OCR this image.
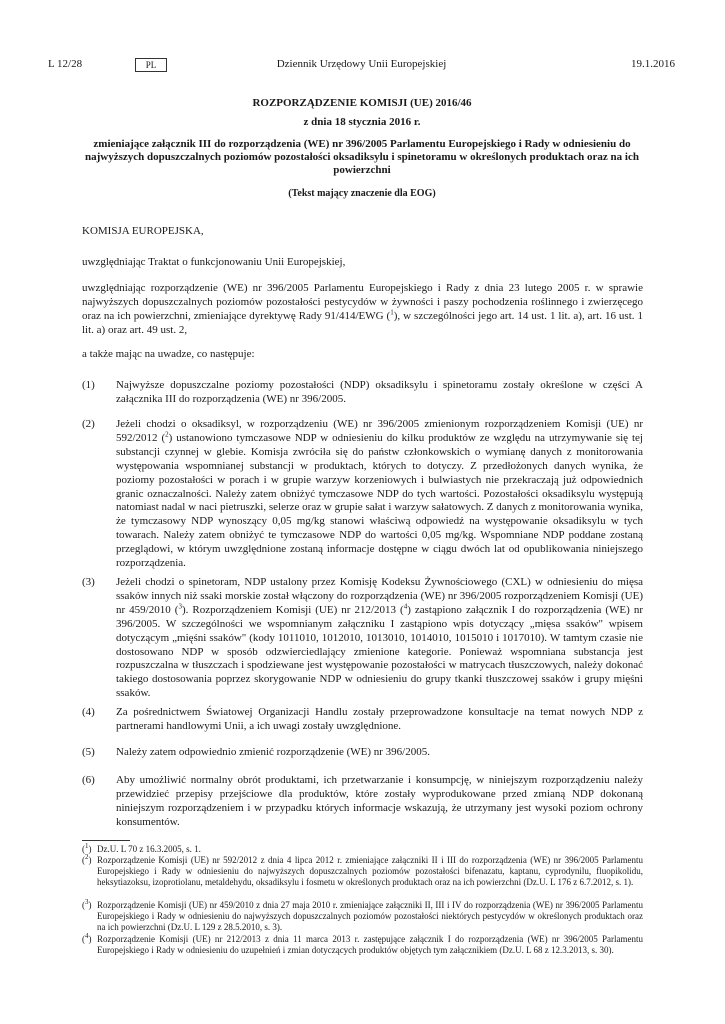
L 12/28	Dziennik Urzędowy Unii Europejskiej
PL	19.1.2016

ROZPORZĄDZENIE KOMISJI (UE) 2016/46

z dnia 18 stycznia 2016 r.

zmieniające załącznik III do rozporządzenia (WE) nr 396/2005 Parlamentu Europejskiego i Rady w odniesieniu do najwyższych dopuszczalnych poziomów pozostałości oksadiksylu i spinetoramu w określonych produktach oraz na ich powierzchni

(Tekst mający znaczenie dla EOG)

KOMISJA EUROPEJSKA,

uwzględniając Traktat o funkcjonowaniu Unii Europejskiej,

uwzględniając rozporządzenie (WE) nr 396/2005 Parlamentu Europejskiego i Rady z dnia 23 lutego 2005 r. w sprawie najwyższych dopuszczalnych poziomów pozostałości pestycydów w żywności i paszy pochodzenia roślinnego i zwierzęcego oraz na ich powierzchni, zmieniające dyrektywę Rady 91/414/EWG ($^1$), w szczególności jego art. 14 ust. 1 lit. a), art. 16 ust. 1 lit. a) oraz art. 49 ust. 2,

a także mając na uwadze, co następuje:

(1) Najwyższe dopuszczalne poziomy pozostałości (NDP) oksadiksylu i spinetoramu zostały określone w części A załącznika III do rozporządzenia (WE) nr 396/2005.
(2) Jeżeli chodzi o oksadiksyl, w rozporządzeniu (WE) nr 396/2005 zmienionym rozporządzeniem Komisji (UE) nr 592/2012 ($^2$) ustanowiono tymczasowe NDP w odniesieniu do kilku produktów ze względu na utrzymywanie się tej substancji czynnej w glebie. Komisja zwróciła się do państw członkowskich o wymianę danych z monitorowania występowania wspomnianej substancji w produktach, których to dotyczy. Z przedłożonych danych wynika, że poziomy pozostałości w porach i w grupie warzyw korzeniowych i bulwiastych nie przekraczają już odpowiednich granic oznaczalności. Należy zatem obniżyć tymczasowe NDP do tych wartości. Pozostałości oksadiksylu występują natomiast nadal w naci pietruszki, selerze oraz w grupie sałat i warzyw sałatowych. Z danych z monitorowania wynika, że tymczasowy NDP wynoszący 0,05 mg/kg stanowi właściwą odpowiedź na występowanie oksadiksylu w tych towarach. Należy zatem obniżyć te tymczasowe NDP do wartości 0,05 mg/kg. Wspomniane NDP poddane zostaną przeglądowi, w którym uwzględnione zostaną informacje dostępne w ciągu dwóch lat od opublikowania niniejszego rozporządzenia.
(3) Jeżeli chodzi o spinetoram, NDP ustalony przez Komisję Kodeksu Żywnościowego (CXL) w odniesieniu do mięsa ssaków innych niż ssaki morskie został włączony do rozporządzenia (WE) nr 396/2005 rozporządzeniem Komisji (UE) nr 459/2010 ($^3$). Rozporządzeniem Komisji (UE) nr 212/2013 ($^4$) zastąpiono załącznik I do rozporządzenia (WE) nr 396/2005. W szczególności we wspomnianym załączniku I zastąpiono wpis dotyczący „mięsa ssaków" wpisem dotyczącym „mięśni ssaków" (kody 1011010, 1012010, 1013010, 1014010, 1015010 i 1017010). W tamtym czasie nie dostosowano NDP w sposób odzwierciedlający zmienione kategorie. Ponieważ wspomniana substancja jest rozpuszczalna w tłuszczach i spodziewane jest występowanie pozostałości w matrycach tłuszczowych, należy dokonać takiego dostosowania poprzez skorygowanie NDP w odniesieniu do grupy tkanki tłuszczowej ssaków i grupy mięśni ssaków.
(4) Za pośrednictwem Światowej Organizacji Handlu zostały przeprowadzone konsultacje na temat nowych NDP z partnerami handlowymi Unii, a ich uwagi zostały uwzględnione.
(5) Należy zatem odpowiednio zmienić rozporządzenie (WE) nr 396/2005.
(6) Aby umożliwić normalny obrót produktami, ich przetwarzanie i konsumpcję, w niniejszym rozporządzeniu należy przewidzieć przepisy przejściowe dla produktów, które zostały wyprodukowane przed zmianą NDP dokonaną niniejszym rozporządzeniem i w przypadku których informacje wskazują, że utrzymany jest wysoki poziom ochrony konsumentów.
($^1$) Dz.U. L 70 z 16.3.2005, s. 1.
($^2$) Rozporządzenie Komisji (UE) nr 592/2012 z dnia 4 lipca 2012 r. zmieniające załączniki II i III do rozporządzenia (WE) nr 396/2005 Parlamentu Europejskiego i Rady w odniesieniu do najwyższych dopuszczalnych poziomów pozostałości bifenazatu, kaptanu, cyprodynilu, fluopikolidu, heksytiazoksu, izoprotiolanu, metaldehydu, oksadiksylu i fosmetu w określonych produktach oraz na ich powierzchni (Dz.U. L 176 z 6.7.2012, s. 1).
($^3$) Rozporządzenie Komisji (UE) nr 459/2010 z dnia 27 maja 2010 r. zmieniające załączniki II, III i IV do rozporządzenia (WE) nr 396/2005 Parlamentu Europejskiego i Rady w odniesieniu do najwyższych dopuszczalnych poziomów pozostałości niektórych pestycydów w określonych produktach oraz na ich powierzchni (Dz.U. L 129 z 28.5.2010, s. 3).
($^4$) Rozporządzenie Komisji (UE) nr 212/2013 z dnia 11 marca 2013 r. zastępujące załącznik I do rozporządzenia (WE) nr 396/2005 Parlamentu Europejskiego i Rady w odniesieniu do uzupełnień i zmian dotyczących produktów objętych tym załącznikiem (Dz.U. L 68 z 12.3.2013, s. 30).
